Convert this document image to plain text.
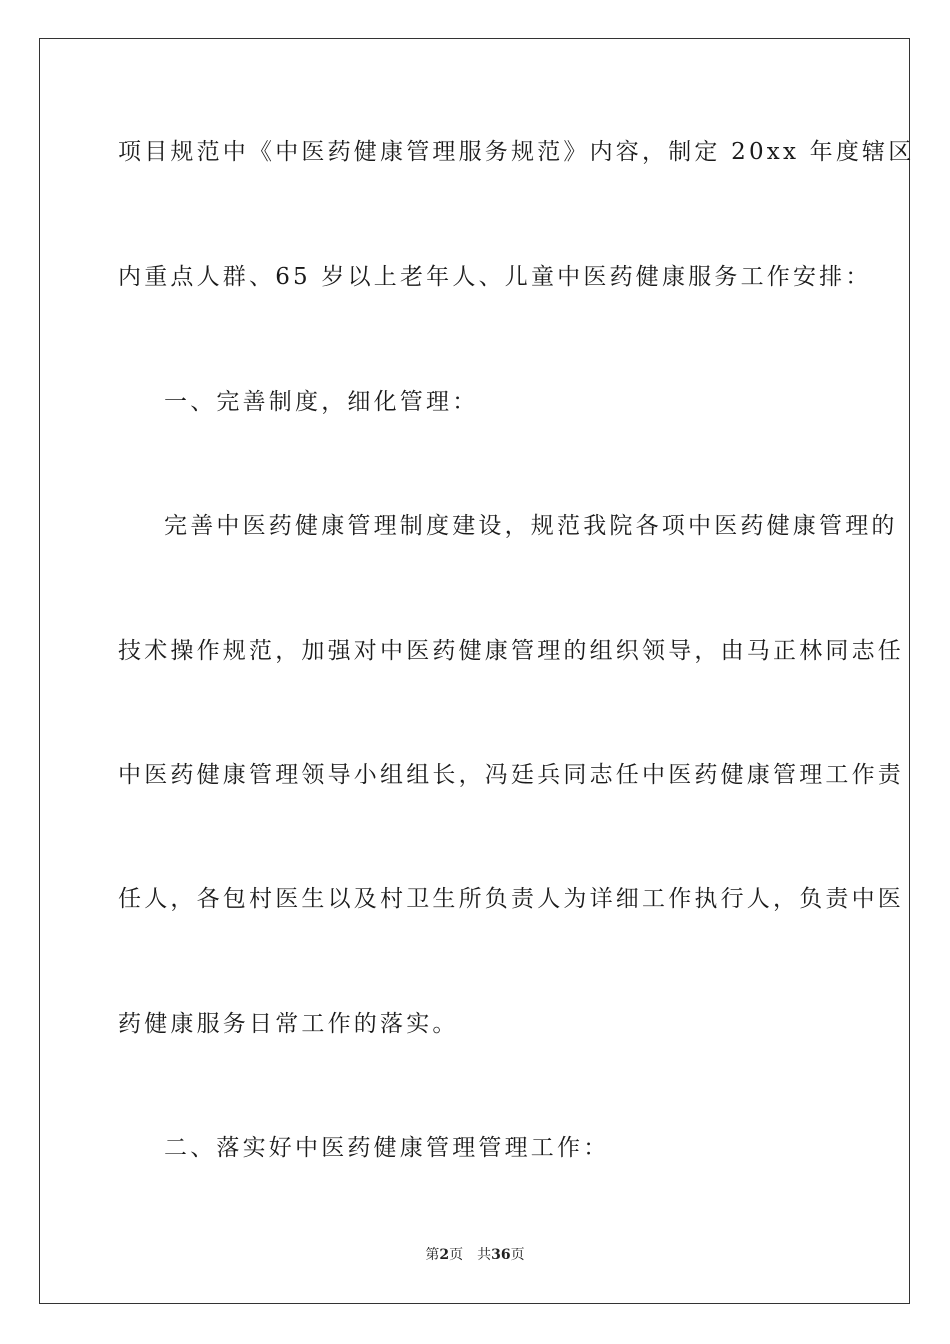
项目规范中《中医药健康管理服务规范》内容，制定 20xx 年度辖区
内重点人群、65 岁以上老年人、儿童中医药健康服务工作安排：
一、完善制度，细化管理：
完善中医药健康管理制度建设，规范我院各项中医药健康管理的
技术操作规范，加强对中医药健康管理的组织领导，由马正林同志任
中医药健康管理领导小组组长，冯廷兵同志任中医药健康管理工作责
任人，各包村医生以及村卫生所负责人为详细工作执行人，负责中医
药健康服务日常工作的落实。
二、落实好中医药健康管理管理工作：
第2页 共36页
